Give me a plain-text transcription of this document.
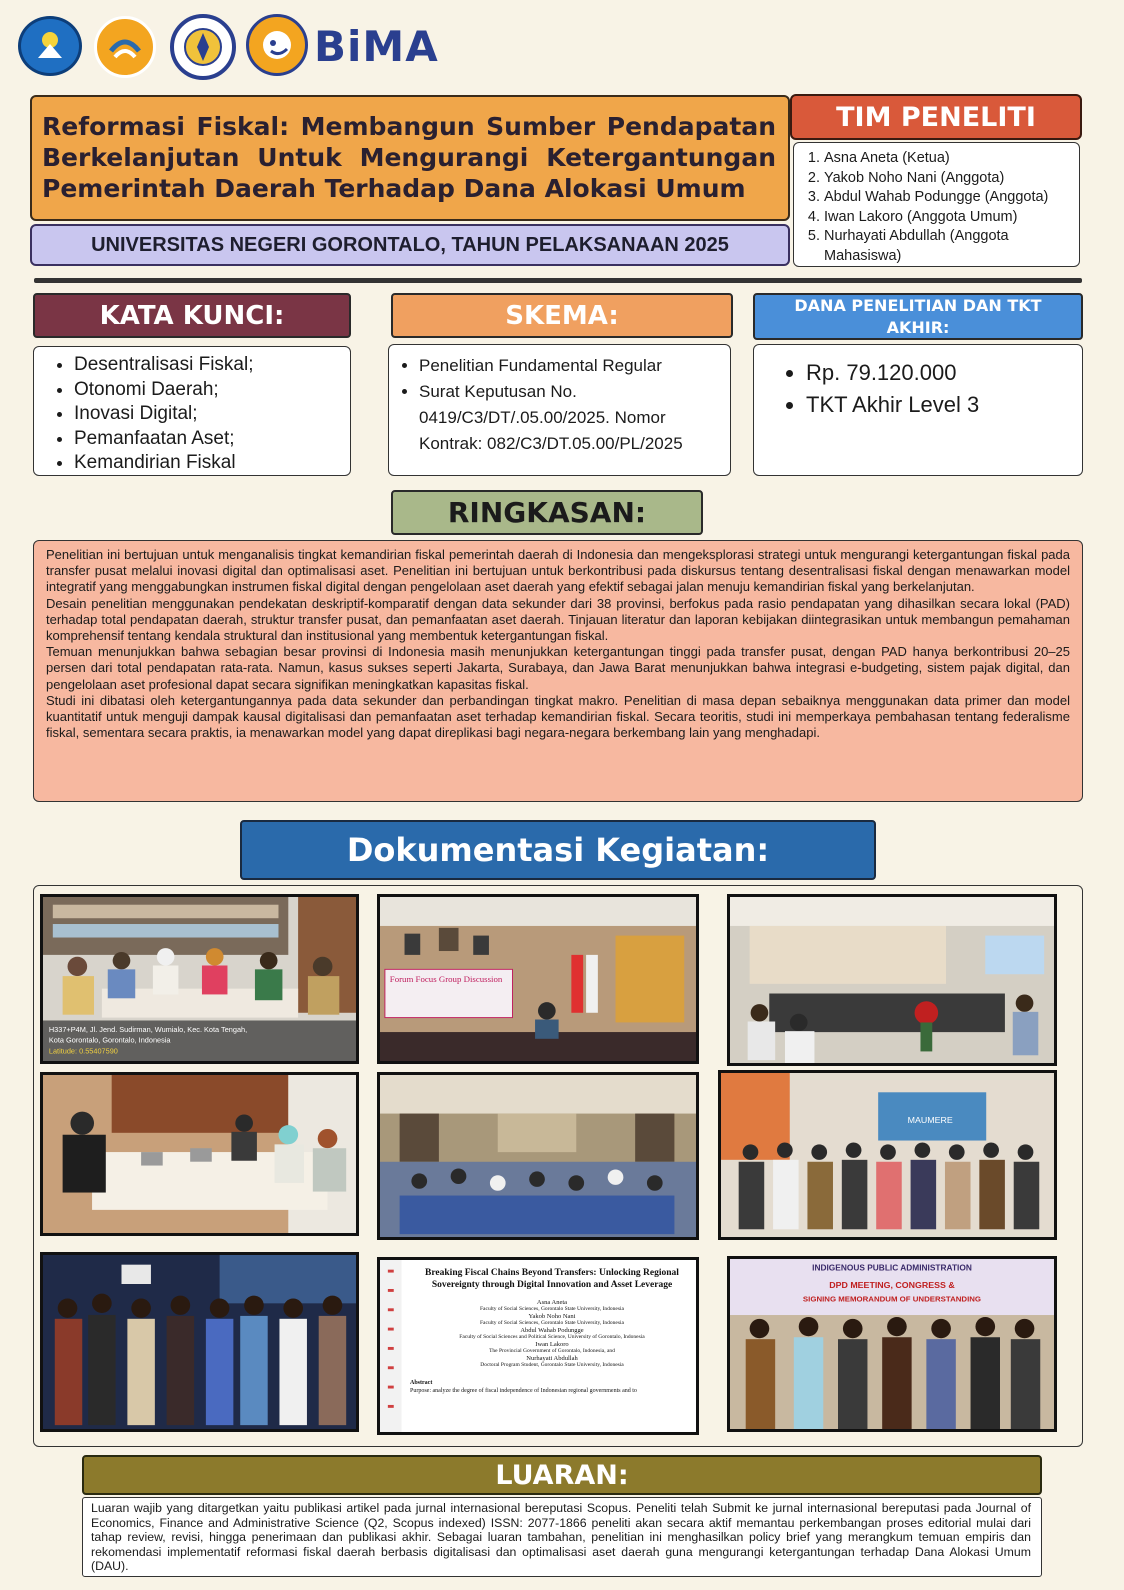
BiMA
Reformasi Fiskal: Membangun Sumber Pendapatan Berkelanjutan Untuk Mengurangi Ketergantungan Pemerintah Daerah Terhadap Dana Alokasi Umum
UNIVERSITAS NEGERI GORONTALO, TAHUN PELAKSANAAN 2025
TIM PENELITI
1. Asna Aneta (Ketua)
2. Yakob Noho Nani (Anggota)
3. Abdul Wahab Podungge (Anggota)
4. Iwan Lakoro (Anggota Umum)
5. Nurhayati Abdullah (Anggota Mahasiswa)
KATA KUNCI:
• Desentralisasi Fiskal;
• Otonomi Daerah;
• Inovasi Digital;
• Pemanfaatan Aset;
• Kemandirian Fiskal
SKEMA:
• Penelitian Fundamental Regular
• Surat Keputusan No. 0419/C3/DT/.05.00/2025. Nomor Kontrak: 082/C3/DT.05.00/PL/2025
DANA PENELITIAN DAN TKT AKHIR:
• Rp. 79.120.000
• TKT Akhir Level 3
RINGKASAN:

Penelitian ini bertujuan untuk menganalisis tingkat kemandirian fiskal pemerintah daerah di Indonesia dan mengeksplorasi strategi untuk mengurangi ketergantungan fiskal pada transfer pusat melalui inovasi digital dan optimalisasi aset. Penelitian ini bertujuan untuk berkontribusi pada diskursus tentang desentralisasi fiskal dengan menawarkan model integratif yang menggabungkan instrumen fiskal digital dengan pengelolaan aset daerah yang efektif sebagai jalan menuju kemandirian fiskal yang berkelanjutan.

Desain penelitian menggunakan pendekatan deskriptif-komparatif dengan data sekunder dari 38 provinsi, berfokus pada rasio pendapatan yang dihasilkan secara lokal (PAD) terhadap total pendapatan daerah, struktur transfer pusat, dan pemanfaatan aset daerah. Tinjauan literatur dan laporan kebijakan diintegrasikan untuk membangun pemahaman komprehensif tentang kendala struktural dan institusional yang membentuk ketergantungan fiskal.

Temuan menunjukkan bahwa sebagian besar provinsi di Indonesia masih menunjukkan ketergantungan tinggi pada transfer pusat, dengan PAD hanya berkontribusi 20–25 persen dari total pendapatan rata-rata. Namun, kasus sukses seperti Jakarta, Surabaya, dan Jawa Barat menunjukkan bahwa integrasi e-budgeting, sistem pajak digital, dan pengelolaan aset profesional dapat secara signifikan meningkatkan kapasitas fiskal.

Studi ini dibatasi oleh ketergantungannya pada data sekunder dan perbandingan tingkat makro. Penelitian di masa depan sebaiknya menggunakan data primer dan model kuantitatif untuk menguji dampak kausal digitalisasi dan pemanfaatan aset terhadap kemandirian fiskal. Secara teoritis, studi ini memperkaya pembahasan tentang federalisme fiskal, sementara secara praktis, ia menawarkan model yang dapat direplikasi bagi negara-negara berkembang lain yang menghadapi.

Dokumentasi Kegiatan:
H337+P4M, Jl. Jend. Sudirman, Wumialo, Kec. Kota Tengah,
Kota Gorontalo, Gorontalo, Indonesia
Latitude: 0.55407590
Forum Focus Group Discussion
MAUMERE
Breaking Fiscal Chains Beyond Transfers: Unlocking Regional Sovereignty through Digital Innovation and Asset Leverage
Asna Aneta
Faculty of Social Sciences, Gorontalo State University, Indonesia
Yakob Noho Nani
Faculty of Social Sciences, Gorontalo State University, Indonesia
Abdul Wahab Podungge
Faculty of Social Sciences and Political Science, University of Gorontalo, Indonesia
Iwan Lakoro
The Provincial Government of Gorontalo, Indonesia, and
Nurhayati Abdullah
Doctoral Program Student, Gorontalo State University, Indonesia
Abstract
Purpose: analyze the degree of fiscal independence of Indonesian regional governments and to
INDIGENOUS PUBLIC ADMINISTRATION
DPD MEETING, CONGRESS &
SIGNING MEMORANDUM OF UNDERSTANDING
LUARAN:
Luaran wajib yang ditargetkan yaitu publikasi artikel pada jurnal internasional bereputasi Scopus. Peneliti telah Submit ke jurnal internasional bereputasi pada Journal of Economics, Finance and Administrative Science (Q2, Scopus indexed) ISSN: 2077-1866 peneliti akan secara aktif memantau perkembangan proses editorial mulai dari tahap review, revisi, hingga penerimaan dan publikasi akhir. Sebagai luaran tambahan, penelitian ini menghasilkan policy brief yang merangkum temuan empiris dan rekomendasi implementatif reformasi fiskal daerah berbasis digitalisasi dan optimalisasi aset daerah guna mengurangi ketergantungan terhadap Dana Alokasi Umum (DAU).
